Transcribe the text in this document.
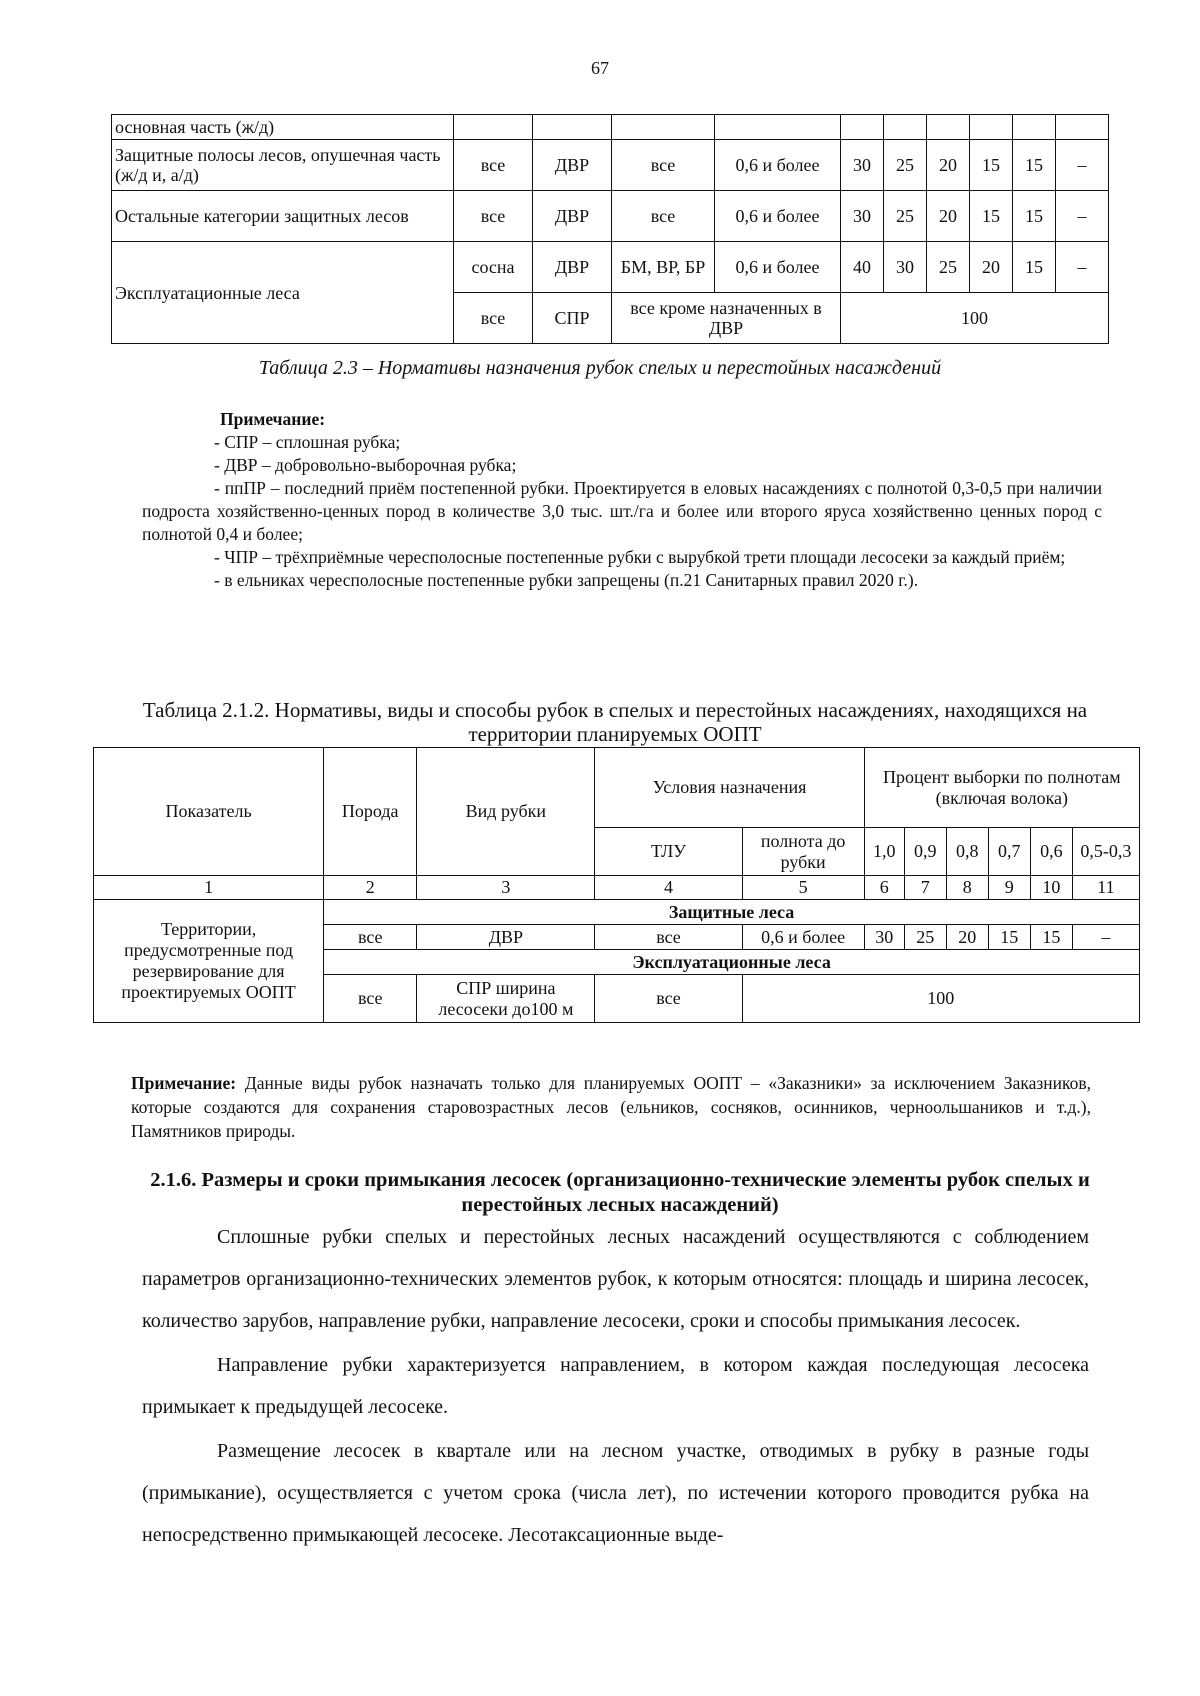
67
основная часть (ж/д)										
Защитные полосы лесов, опушечная часть (ж/д и, а/д)	все	ДВР	все	0,6 и более	30	25	20	15	15	–
Остальные категории защитных лесов	все	ДВР	все	0,6 и более	30	25	20	15	15	–
Эксплуатационные леса	сосна	ДВР	БМ, ВР, БР	0,6 и более	40	30	25	20	15	–
	все	СПР	все кроме назначенных в ДВР		100					
Таблица 2.3 – Нормативы назначения рубок спелых и перестойных насаждений

Примечание:

- СПР – сплошная рубка;

- ДВР – добровольно-выборочная рубка;

- ппПР – последний приём постепенной рубки. Проектируется в еловых насаждениях с полнотой 0,3-0,5 при наличии подроста хозяйственно-ценных пород в количестве 3,0 тыс. шт./га и более или второго яруса хозяйственно ценных пород с полнотой 0,4 и более;

- ЧПР – трёхприёмные чересполосные постепенные рубки с вырубкой трети площади лесосеки за каждый приём;

- в ельниках чересполосные постепенные рубки запрещены (п.21 Санитарных правил 2020 г.).

Таблица 2.1.2. Нормативы, виды и способы рубок в спелых и перестойных насаждениях, находящихся на территории планируемых ООПТ
Показатель	Порода	Вид рубки	Условия назначения		Процент выборки по полнотам (включая волока)					
			ТЛУ	полнота до рубки	1,0	0,9	0,8	0,7	0,6	0,5-0,3
1	2	3	4	5	6	7	8	9	10	11
Территории, предусмотренные под резервирование для проектируемых ООПТ	Защитные леса									
	все	ДВР	все	0,6 и более	30	25	20	15	15	–
	Эксплуатационные леса									
	все	СПР ширина лесосеки до100 м	все	100						
Примечание: Данные виды рубок назначать только для планируемых ООПТ – «Заказники» за исключением Заказников, которые создаются для сохранения старовозрастных лесов (ельников, сосняков, осинников, черноольшаников и т.д.), Памятников природы.
2.1.6. Размеры и сроки примыкания лесосек (организационно-технические элементы рубок спелых и перестойных лесных насаждений)

Сплошные рубки спелых и перестойных лесных насаждений осуществляются с соблюдением параметров организационно-технических элементов рубок, к которым относятся: площадь и ширина лесосек, количество зарубов, направление рубки, направление лесосеки, сроки и способы примыкания лесосек.

Направление рубки характеризуется направлением, в котором каждая последующая лесосека примыкает к предыдущей лесосеке.

Размещение лесосек в квартале или на лесном участке, отводимых в рубку в разные годы (примыкание), осуществляется с учетом срока (числа лет), по истечении которого проводится рубка на непосредственно примыкающей лесосеке. Лесотаксационные выде-
